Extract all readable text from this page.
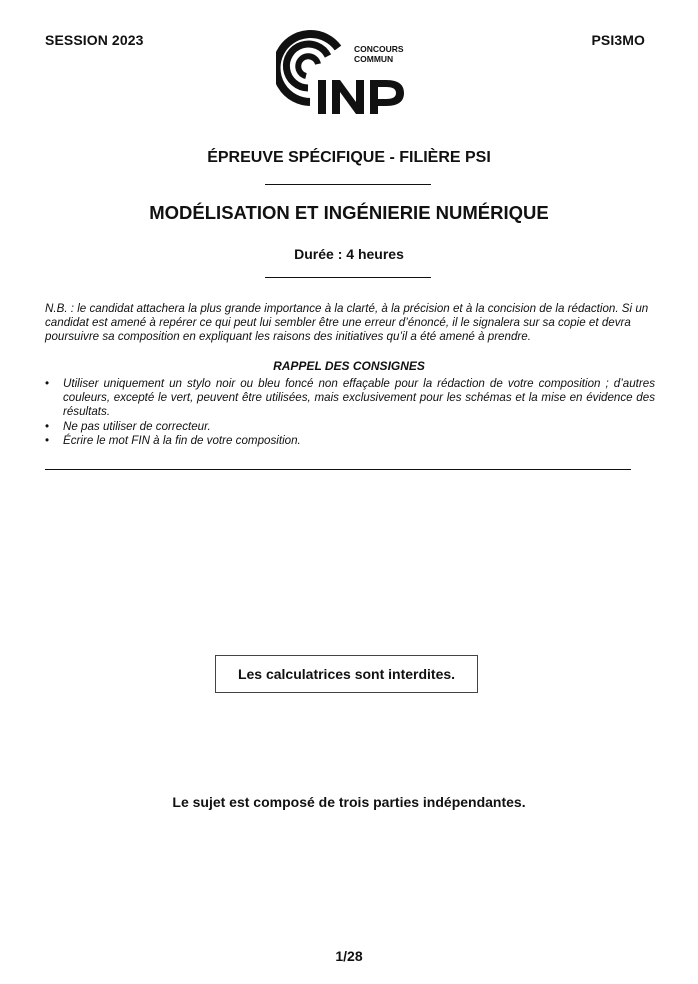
SESSION 2023	PSI3MO
CONCOURS
COMMUN
ÉPREUVE SPÉCIFIQUE - FILIÈRE PSI
MODÉLISATION ET INGÉNIERIE NUMÉRIQUE
Durée : 4 heures

N.B. : le candidat attachera la plus grande importance à la clarté, à la précision et à la concision de la rédaction. Si un candidat est amené à repérer ce qui peut lui sembler être une erreur d’énoncé, il le signalera sur sa copie et devra poursuivre sa composition en expliquant les raisons des initiatives qu’il a été amené à prendre.

RAPPEL DES CONSIGNES
• Utiliser uniquement un stylo noir ou bleu foncé non effaçable pour la rédaction de votre composition ; d’autres couleurs, excepté le vert, peuvent être utilisées, mais exclusivement pour les schémas et la mise en évidence des résultats.
• Ne pas utiliser de correcteur.
• Écrire le mot FIN à la fin de votre composition.
Les calculatrices sont interdites.
Le sujet est composé de trois parties indépendantes.
1/28
